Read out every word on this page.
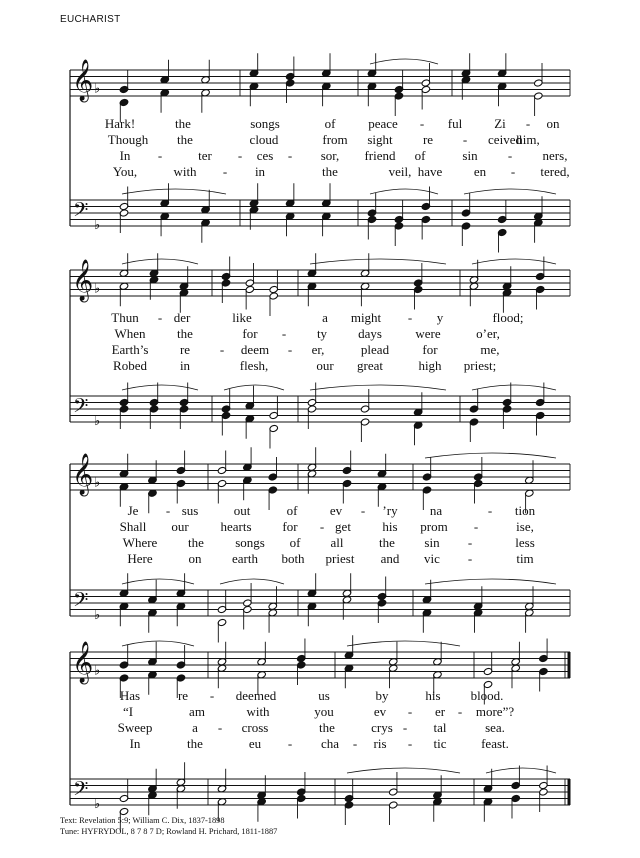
EUCHARIST
𝄞
𝄢
♭
♭
𝄞
𝄢
♭
♭
𝄞
𝄢
♭
♭
𝄞
𝄢
♭
♭
Hark!	the	songs	of	peace - ful Zi - on
Though the	cloud	from sight re - ceived
him,
In -	ter - ces - sor, friend of	sin - ners,
You,	with - in	the	veil, have en - tered,
Thun - der	like	a might - y	flood;
When the	for - ty days	were	o’er,
Earth’s re - deem - er,	plead	for	me,
Robed	in	flesh,	our great	high priest;
Je - sus	out	of ev - ’ry na	- tion
Shall our hearts for - get his prom -	ise,
Where the songs of all	the sin -	less
Here	on earth both priest and vic -	tim
Has	re - deemed	us	by	his blood.
“I	am	with	you	ev - er - more”?
Sweep	a - cross	the	crys - tal	sea.
In	the	eu - cha - ris - tic	feast.
Text: Revelation 5:9; William C. Dix, 1837-1898
Tune: HYFRYDOL, 8 7 8 7 D; Rowland H. Prichard, 1811-1887
